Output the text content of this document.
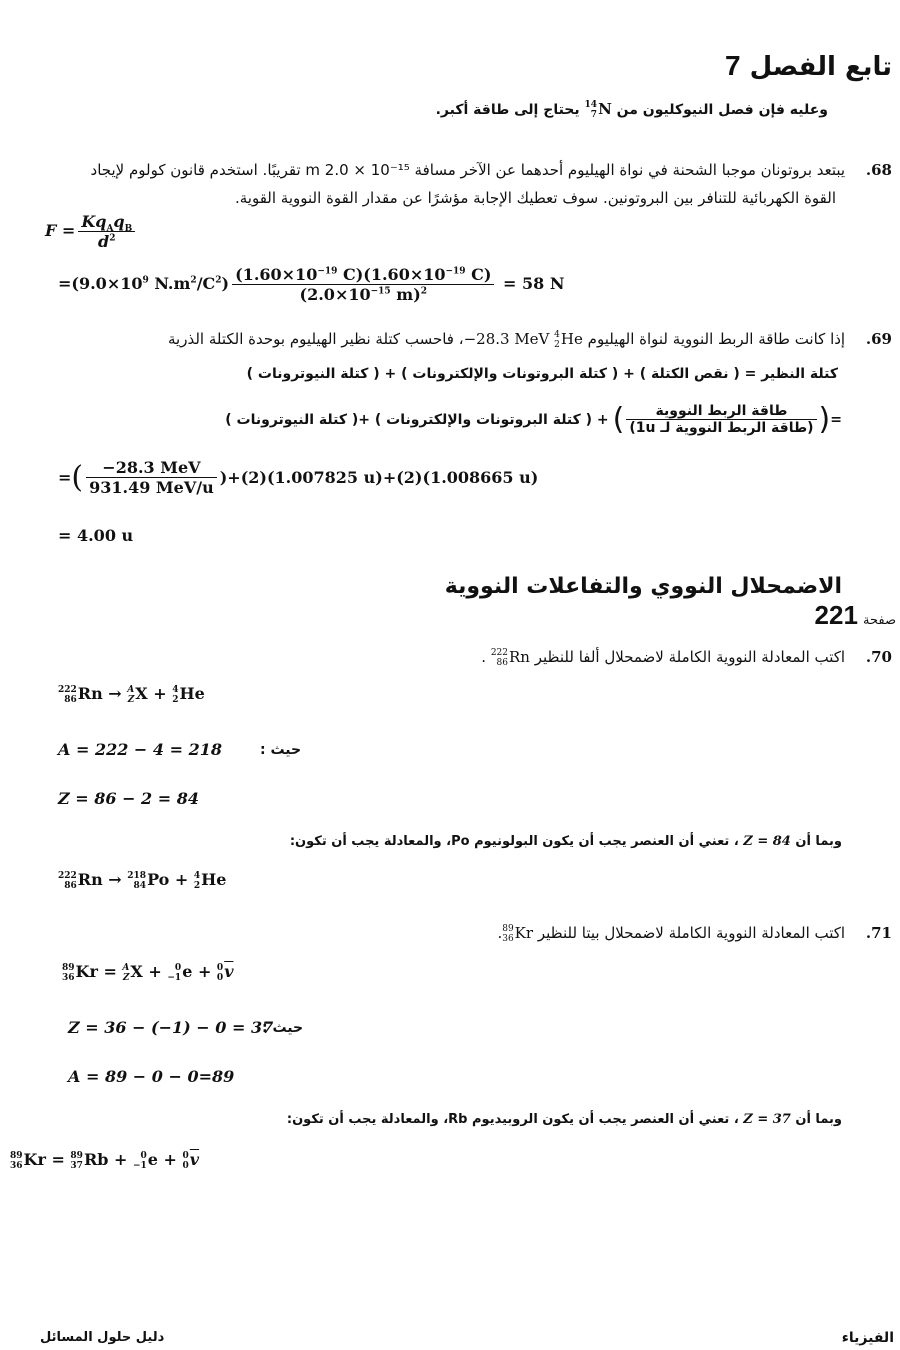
تابع الفصل 7
وعليه فإن فصل النيوكليون من
14
7 N يحتاج إلى طاقة أكبر.
68. يبتعد بروتونان موجبا الشحنة في نواة الهيليوم أحدهما عن الآخر مسافة m 2.0 × 10⁻¹⁵ تقريبًا. استخدم قانون كولوم لإيجاد
القوة الكهربائية للتنافر بين البروتونين. سوف تعطيك الإجابة مؤشرًا عن مقدار القوة النووية القوية.
$F = \frac{Kq_Aq_B}{d^2}$
$=(9.0\times 10^9$ $N.m^2/C^2) \frac{(1.60\times 10^{-19} C)(1.60\times 10^{-19} C)}{(2.0\times 10^{-15} m)^2} = 58$ N
69. إذا كانت طاقة الربط النووية لنواة الهيليوم
4
2 He −28.3 MeV، فاحسب كتلة نظير الهيليوم بوحدة الكتلة الذرية
كتلة النظير = ( نقص الكتلة ) + ( كتلة البروتونات والإلكترونات ) + ( كتلة النيوترونات )
=
(
$\frac{\text{طاقة الربط النووية}}{\text{(طاقة الربط النووية لـ 1u)}}$
)
+ ( كتلة البروتونات والإلكترونات ) +( كتلة النيوترونات )
= ( $\frac{\text{−28.3 MeV}}{\text{931.49 MeV/u}} )+(2)(1.007825$ u)+(2)(1.008665 u)
= 4.00 u
الاضمحلال النووي والتفاعلات النووية
صفحة 221
70. اكتب المعادلة النووية الكاملة لاضمحلال ألفا للنظير
222
86 Rn .
222
86 Rn → A
Z X + 4
2 He
A = 222 − 4 = 218	حيث :
Z = 86 − 2 = 84
وبما أن Z = 84 ، تعني أن العنصر يجب أن يكون البولونيوم Po، والمعادلة يجب أن تكون:
222
86 Rn → 218
84 Po + 4
2 He
71. اكتب المعادلة النووية الكاملة لاضمحلال بيتا للنظير
89
36 Kr.
89
36 Kr = A
Z X + 0
−1 e + 0
0 $\overline{v}$
Z = 36 − (−1) − 0 = 37
حيث :
A = 89 − 0 − 0=89
وبما أن Z = 37 ، تعني أن العنصر يجب أن يكون الروبيديوم Rb، والمعادلة يجب أن تكون:
89
36 Kr = 89
37 Rb + 0
−1 e + 0
0 $\overline{v}$
دليل حلول المسائل	الفيزياء
